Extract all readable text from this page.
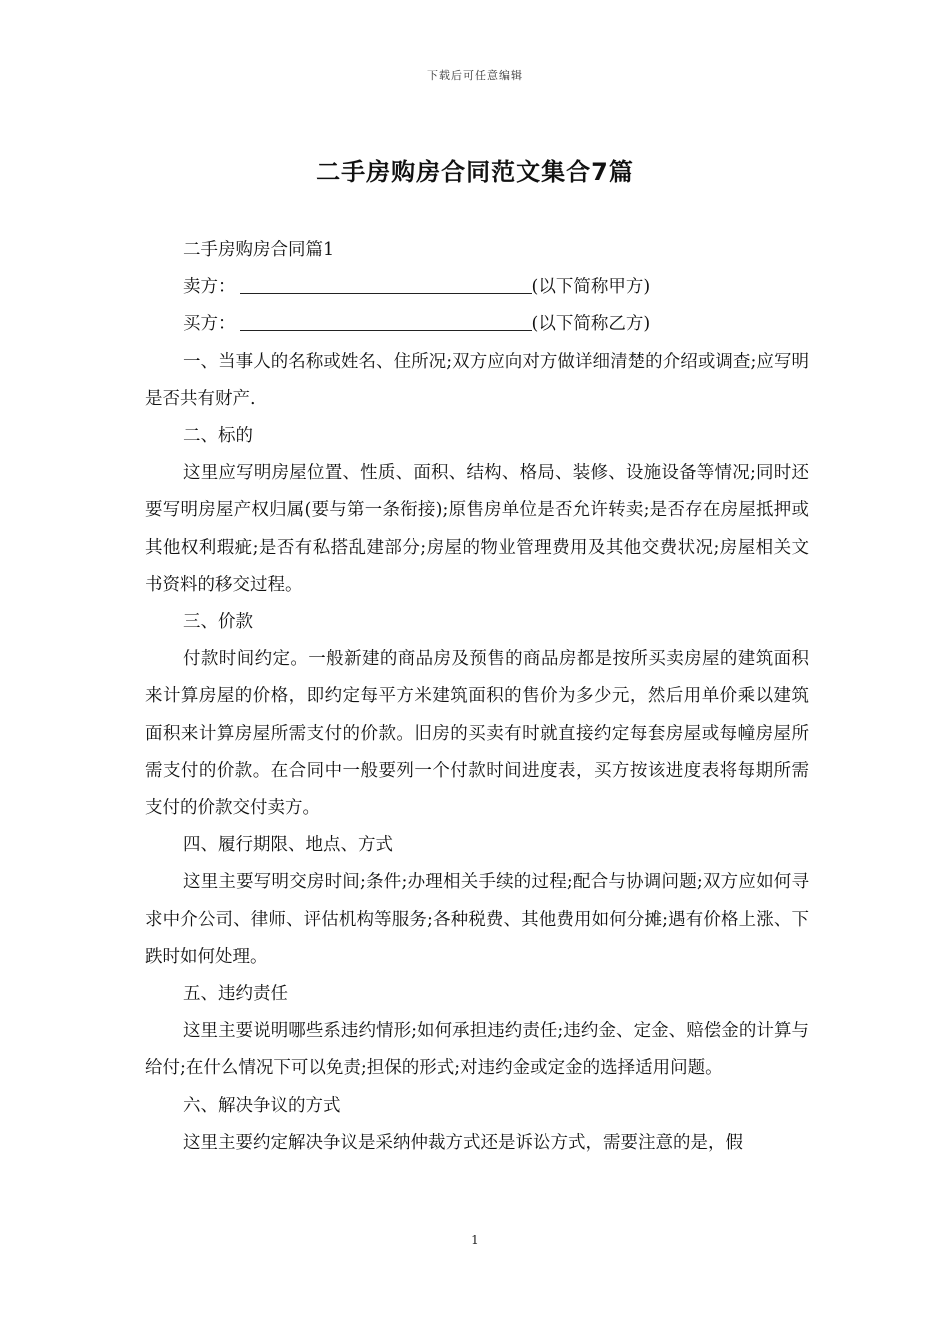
下载后可任意编辑
二手房购房合同范文集合7篇

二手房购房合同篇1

卖方：	(以下简称甲方)

买方：	(以下简称乙方)

一、当事人的名称或姓名、住所况;双方应向对方做详细清楚的介绍或调查;应写明是否共有财产.

二、标的

这里应写明房屋位置、性质、面积、结构、格局、装修、设施设备等情况;同时还要写明房屋产权归属(要与第一条衔接);原售房单位是否允许转卖;是否存在房屋抵押或其他权利瑕疵;是否有私搭乱建部分;房屋的物业管理费用及其他交费状况;房屋相关文书资料的移交过程。

三、价款

付款时间约定。一般新建的商品房及预售的商品房都是按所买卖房屋的建筑面积来计算房屋的价格，即约定每平方米建筑面积的售价为多少元，然后用单价乘以建筑面积来计算房屋所需支付的价款。旧房的买卖有时就直接约定每套房屋或每幢房屋所需支付的价款。在合同中一般要列一个付款时间进度表，买方按该进度表将每期所需支付的价款交付卖方。

四、履行期限、地点、方式

这里主要写明交房时间;条件;办理相关手续的过程;配合与协调问题;双方应如何寻求中介公司、律师、评估机构等服务;各种税费、其他费用如何分摊;遇有价格上涨、下跌时如何处理。

五、违约责任

这里主要说明哪些系违约情形;如何承担违约责任;违约金、定金、赔偿金的计算与给付;在什么情况下可以免责;担保的形式;对违约金或定金的选择适用问题。

六、解决争议的方式

这里主要约定解决争议是采纳仲裁方式还是诉讼方式，需要注意的是，假

1
